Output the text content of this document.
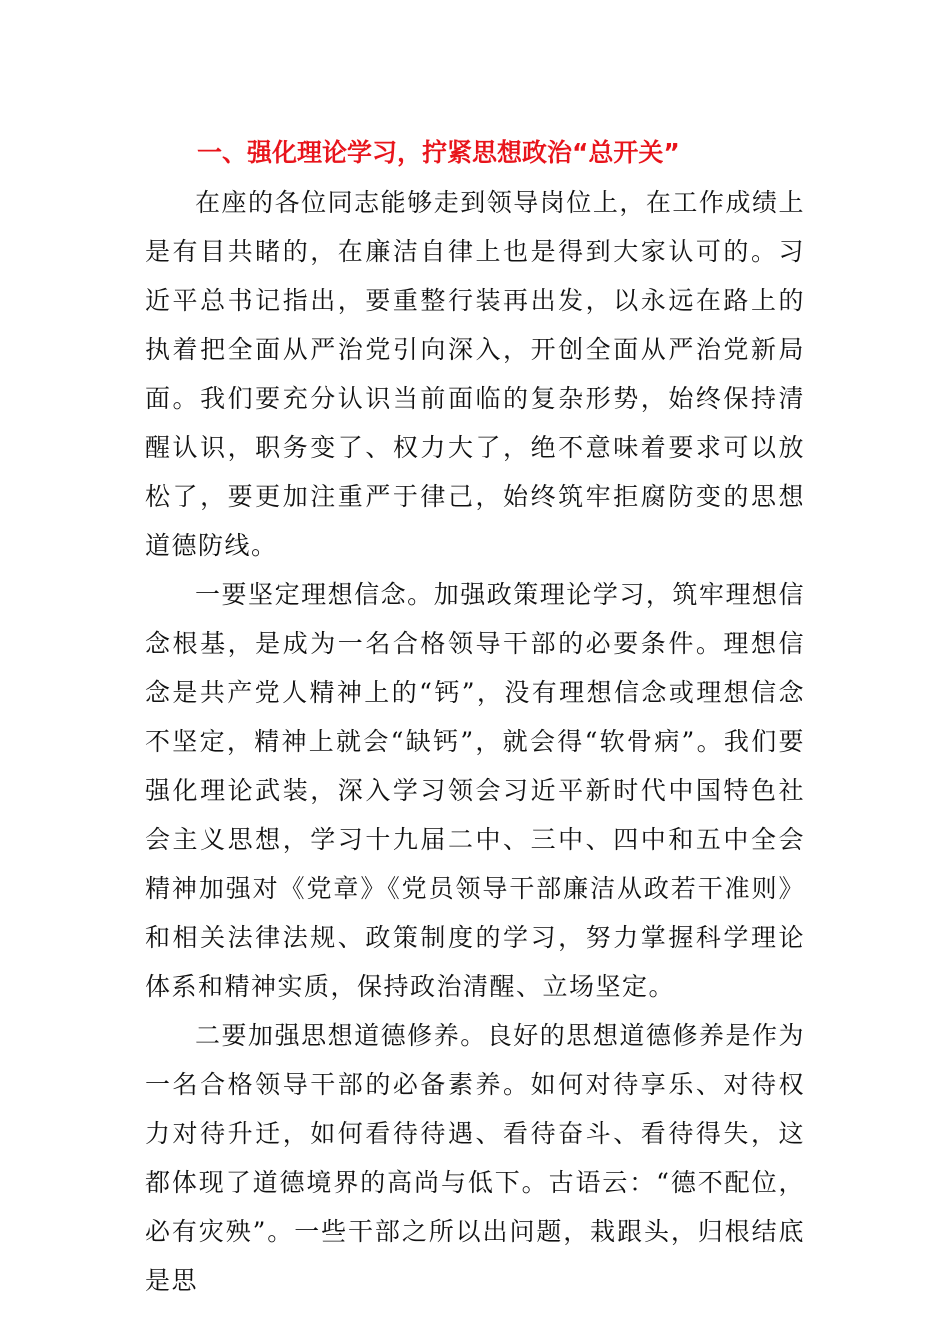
一、强化理论学习，拧紧思想政治“总开关”

在座的各位同志能够走到领导岗位上，在工作成绩上是有目共睹的，在廉洁自律上也是得到大家认可的。习近平总书记指出，要重整行装再出发，以永远在路上的执着把全面从严治党引向深入，开创全面从严治党新局面。我们要充分认识当前面临的复杂形势，始终保持清醒认识，职务变了、权力大了，绝不意味着要求可以放松了，要更加注重严于律己，始终筑牢拒腐防变的思想道德防线。

一要坚定理想信念。加强政策理论学习，筑牢理想信念根基，是成为一名合格领导干部的必要条件。理想信念是共产党人精神上的“钙”，没有理想信念或理想信念不坚定，精神上就会“缺钙”，就会得“软骨病”。我们要强化理论武装，深入学习领会习近平新时代中国特色社会主义思想，学习十九届二中、三中、四中和五中全会精神加强对《党章》《党员领导干部廉洁从政若干准则》和相关法律法规、政策制度的学习，努力掌握科学理论体系和精神实质，保持政治清醒、立场坚定。

二要加强思想道德修养。良好的思想道德修养是作为一名合格领导干部的必备素养。如何对待享乐、对待权力对待升迁，如何看待待遇、看待奋斗、看待得失，这都体现了道德境界的高尚与低下。古语云：“德不配位，必有灾殃”。一些干部之所以出问题，栽跟头，归根结底是思
